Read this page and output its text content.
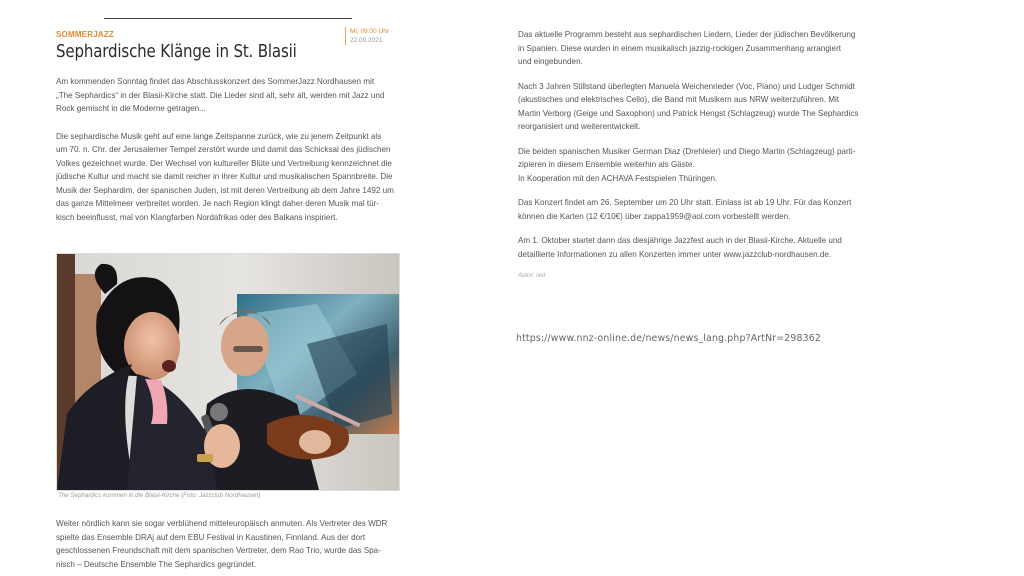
SOMMERJAZZ
Sephardische Klänge in St. Blasii
Mi, 09:00 Uhr
22.09.2021

Am kommenden Sonntag findet das Abschlusskonzert des SommerJazz Nordhausen mit

„The Sephardics“ in der Blasii-Kirche statt. Die Lieder sind alt, sehr alt, werden mit Jazz und

Rock gemischt in die Moderne getragen...

Die sephardische Musik geht auf eine lange Zeitspanne zurück, wie zu jenem Zeitpunkt als

um 70. n. Chr. der Jerusalemer Tempel zerstört wurde und damit das Schicksal des jüdischen

Volkes gezeichnet wurde. Der Wechsel von kultureller Blüte und Vertreibung kennzeichnet die

jüdische Kultur und macht sie damit reicher in ihrer Kultur und musikalischen Spannbreite. Die

Musik der Sephardim, der spanischen Juden, ist mit deren Vertreibung ab dem Jahre 1492 um

das ganze Mittelmeer verbreitet worden. Je nach Region klingt daher deren Musik mal tür-

kisch beeinflusst, mal von Klangfarben Nordafrikas oder des Balkans inspiriert.

The Sephardics kommen in die Blasii-Kirche (Foto: Jazzclub Nordhausen)

Weiter nördlich kann sie sogar verblühend mitteleuropäisch anmuten. Als Vertreter des WDR

spielte das Ensemble DRAj auf dem EBU Festival in Kaustinen, Finnland. Aus der dort

geschlossenen Freundschaft mit dem spanischen Vertreter, dem Rao Trio, wurde das Spa-

nisch – Deutsche Ensemble The Sephardics gegründet.

Das aktuelle Programm besteht aus sephardischen Liedern, Lieder der jüdischen Bevölkerung

in Spanien. Diese wurden in einem musikalisch jazzig-rockigen Zusammenhang arrangiert

und eingebunden.

Nach 3 Jahren Stillstand überlegten Manuela Weichenrieder (Voc, Piano) und Ludger Schmidt

(akustisches und elektrisches Cello), die Band mit Musikern aus NRW weiterzuführen. Mit

Martin Verborg (Geige und Saxophon) und Patrick Hengst (Schlagzeug) wurde The Sephardics

reorganisiert und weiterentwickelt.

Die beiden spanischen Musiker German Diaz (Drehleier) und Diego Martin (Schlagzeug) parti-

zipieren in diesem Ensemble weiterhin als Gäste.

In Kooperation mit den ACHAVA Festspielen Thüringen.

Das Konzert findet am 26. September um 20 Uhr statt. Einlass ist ab 19 Uhr. Für das Konzert

können die Karten (12 €/10€) über zappa1959@aol.com vorbestellt werden.

Am 1. Oktober startet dann das diesjährige Jazzfest auch in der Blasii-Kirche. Aktuelle und

detaillierte Informationen zu allen Konzerten immer unter www.jazzclub-nordhausen.de.

Autor: red
https://www.nnz-online.de/news/news_lang.php?ArtNr=298362
